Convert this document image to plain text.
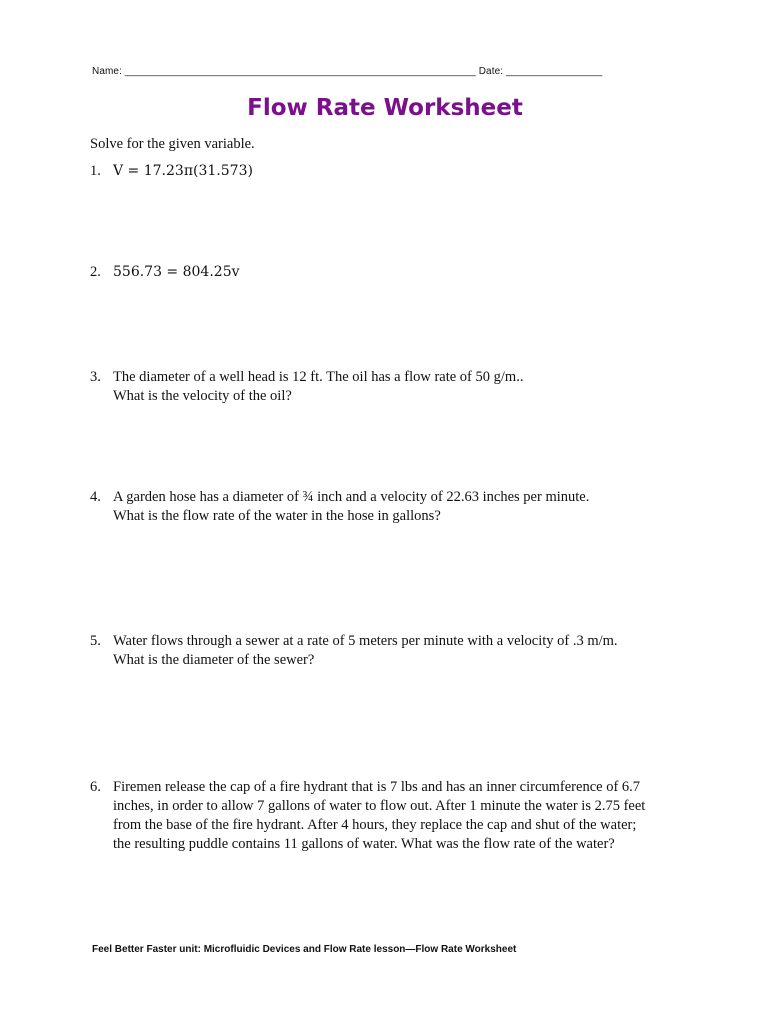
Name: ______________________________________________________________ Date: _________________
Flow Rate Worksheet
Solve for the given variable.
1. V = 17.23π(31.573)
2. 556.73 = 804.25v
3. The diameter of a well head is 12 ft. The oil has a flow rate of 50 g/m..
What is the velocity of the oil?
4. A garden hose has a diameter of ¾ inch and a velocity of 22.63 inches per minute.
What is the flow rate of the water in the hose in gallons?
5. Water flows through a sewer at a rate of 5 meters per minute with a velocity of .3 m/m.
What is the diameter of the sewer?
6. Firemen release the cap of a fire hydrant that is 7 lbs and has an inner circumference of 6.7
inches, in order to allow 7 gallons of water to flow out. After 1 minute the water is 2.75 feet
from the base of the fire hydrant. After 4 hours, they replace the cap and shut of the water;
the resulting puddle contains 11 gallons of water. What was the flow rate of the water?
Feel Better Faster unit: Microfluidic Devices and Flow Rate lesson—Flow Rate Worksheet
